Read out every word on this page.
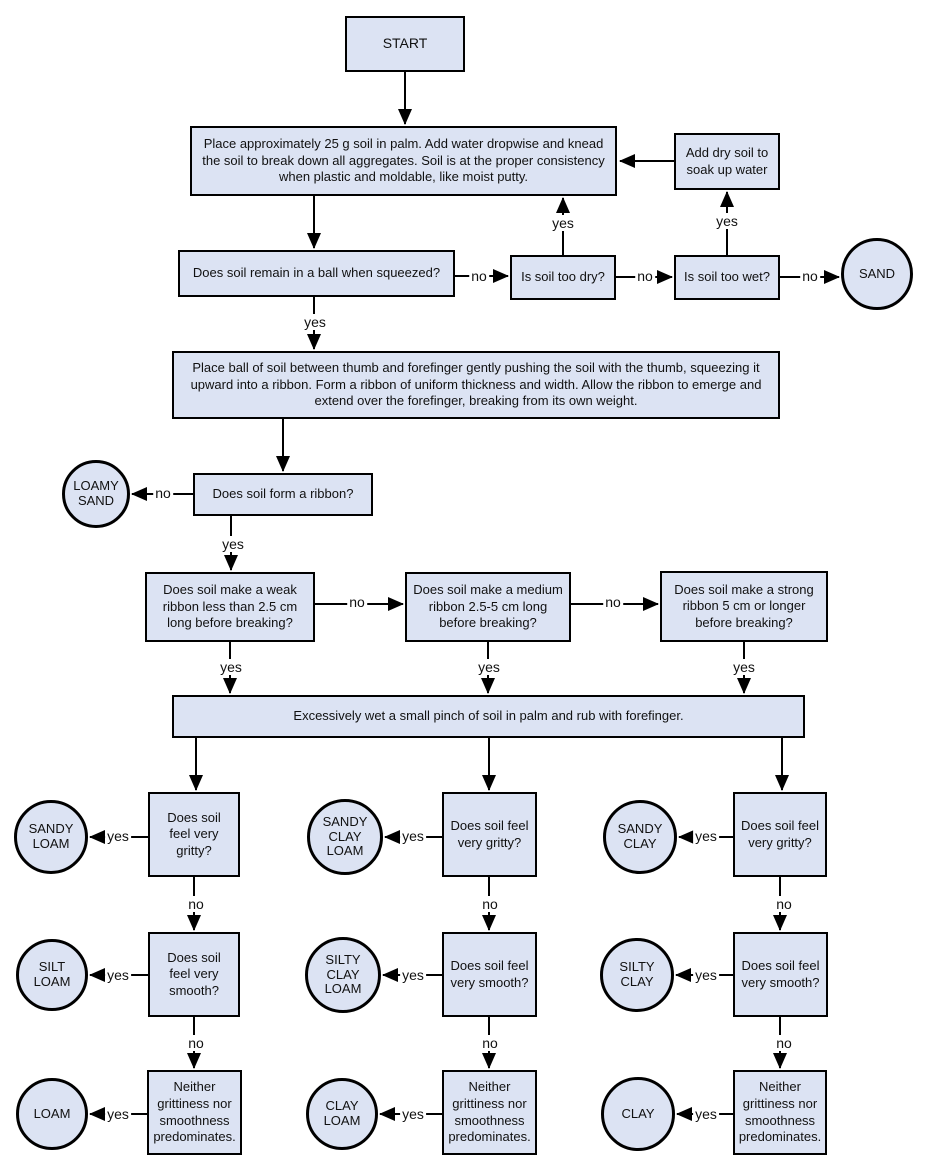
START
Place approximately 25 g soil in palm. Add water dropwise and knead the soil to break down all aggregates. Soil is at the proper consistency when plastic and moldable, like moist putty.
Add dry soil to soak up water
Does soil remain in a ball when squeezed?	Is soil too dry?	Is soil too wet?
Place ball of soil between thumb and forefinger gently pushing the soil with the thumb, squeezing it upward into a ribbon. Form a ribbon of uniform thickness and width. Allow the ribbon to emerge and extend over the forefinger, breaking from its own weight.
Does soil form a ribbon?
Does soil make a weak ribbon less than 2.5 cm long before breaking?
Does soil make a medium ribbon 2.5-5 cm long before breaking?
Does soil make a strong ribbon 5 cm or longer before breaking?
Excessively wet a small pinch of soil in palm and rub with forefinger.
Does soil feel very gritty?
Does soil feel very gritty?
Does soil feel very gritty?
Does soil feel very smooth?
Does soil feel very smooth?
Does soil feel very smooth?
Neither grittiness nor smoothness predominates.
Neither grittiness nor smoothness predominates.
Neither grittiness nor smoothness predominates.
SAND
LOAMY SAND
SANDY LOAM
SANDY CLAY LOAM
SANDY CLAY
SILT LOAM
SILTY CLAY LOAM
SILTY CLAY
LOAM	CLAY LOAM	CLAY
yes
yes	yes
yes
yes	yes	yes
yes	yes	yes
yes	yes	yes
yes	yes	yes
no	no	no
no
no	no
no	no	no
no	no	no
